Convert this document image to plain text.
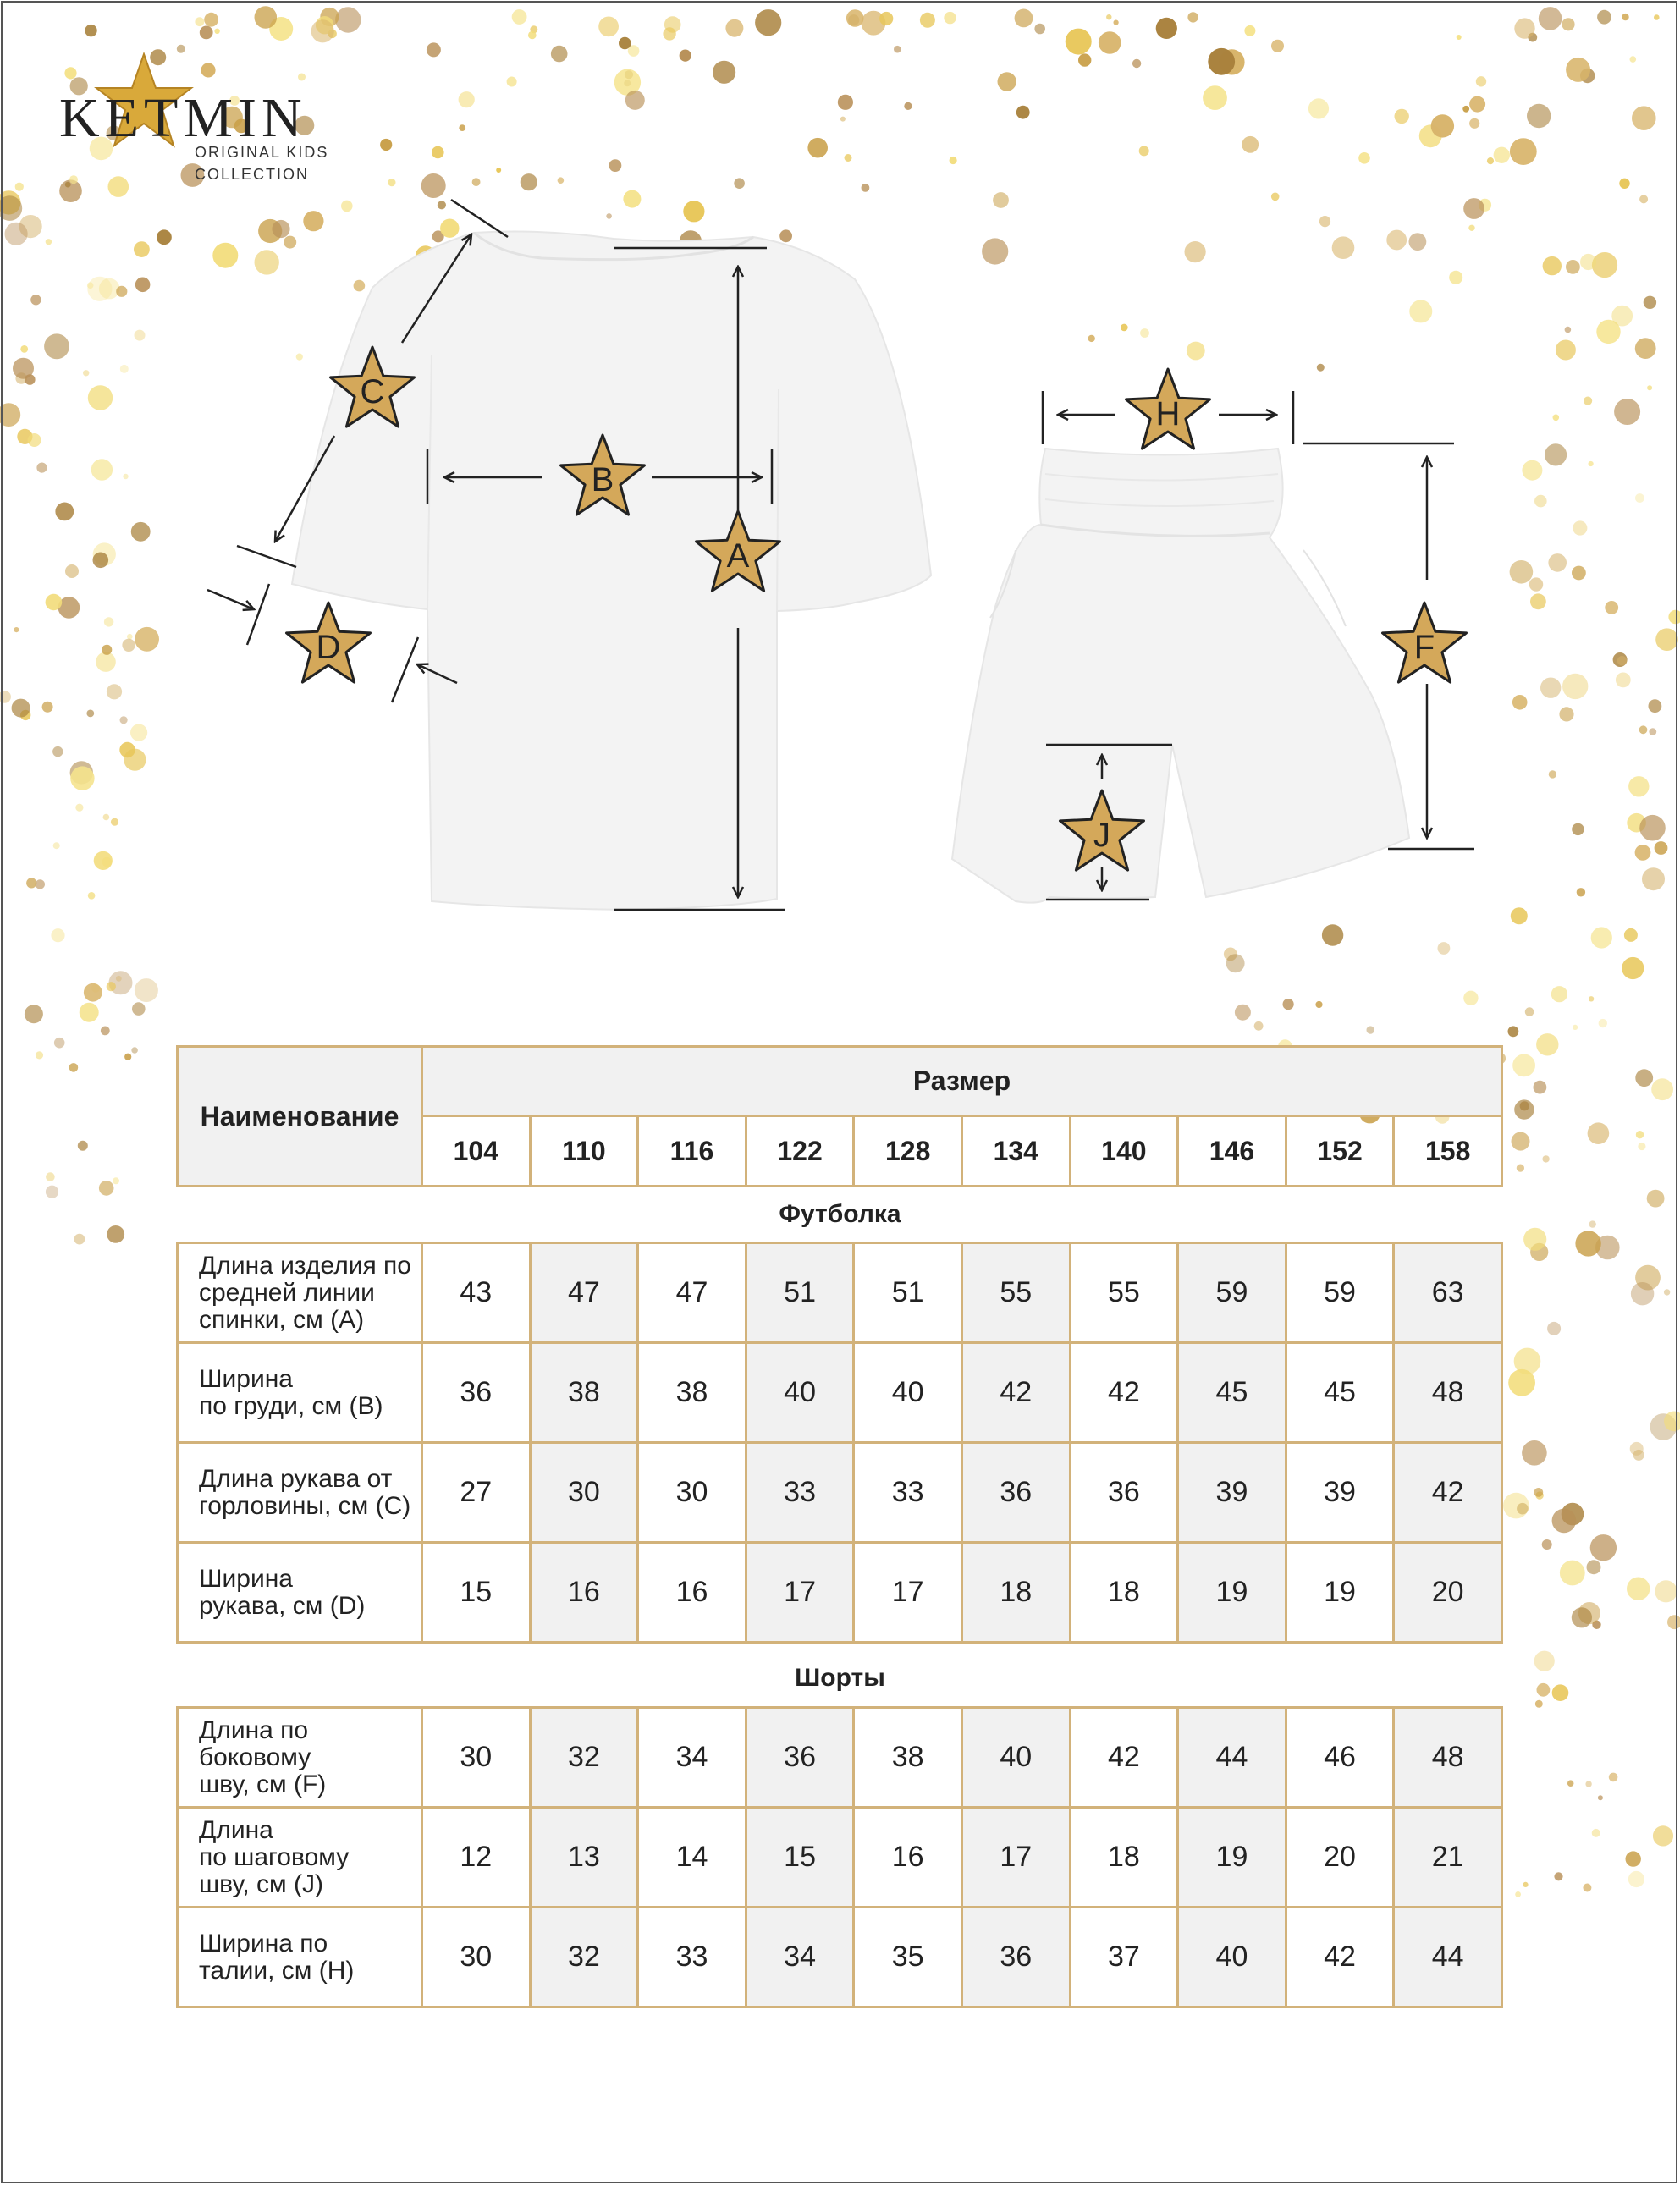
KETMIN
ORIGINAL KIDS
COLLECTION
A
B
C
D
H
F
J
Наименование	Размер									
	104	110	116	122	128	134	140	146	152	158
Футболка
Длина изделия по
средней линии
спинки, см (А)	43	47	47	51	51	55	55	59	59	63

Ширина
по груди, см (В)	36	38	38	40	40	42	42	45	45	48

Длина рукава от
горловины, см (С)	27	30	30	33	33	36	36	39	39	42

Ширина
рукава, см (D)	15	16	16	17	17	18	18	19	19	20
Шорты
Длина по
боковому
шву, см (F)	30	32	34	36	38	40	42	44	46	48

Длина
по шаговому
шву, см (J)	12	13	14	15	16	17	18	19	20	21

Ширина по
талии, см (H)	30	32	33	34	35	36	37	40	42	44
